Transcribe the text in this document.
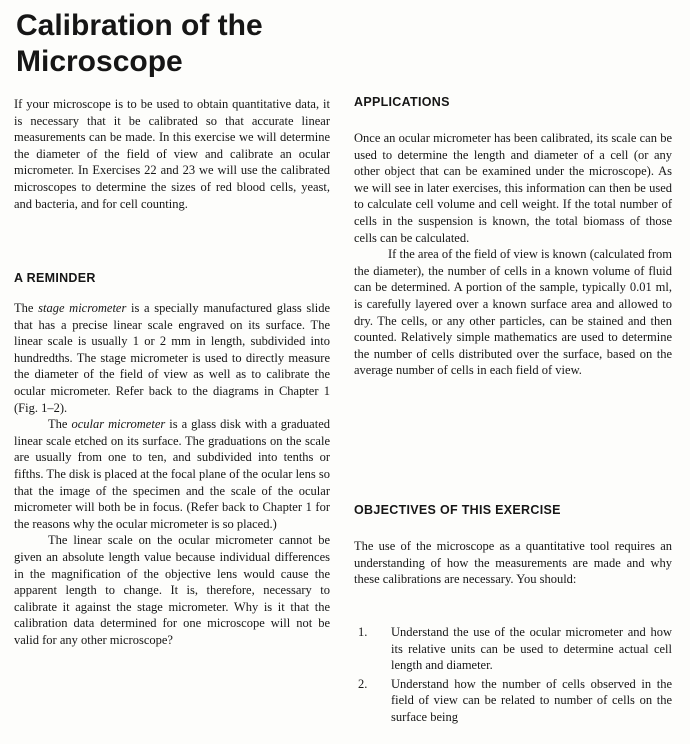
Calibration of the Microscope

If your microscope is to be used to obtain quantitative data, it is necessary that it be calibrated so that accurate linear measurements can be made. In this exercise we will determine the diameter of the field of view and calibrate an ocular micrometer. In Exercises 22 and 23 we will use the calibrated microscopes to determine the sizes of red blood cells, yeast, and bacteria, and for cell counting.

A REMINDER

The stage micrometer is a specially manufactured glass slide that has a precise linear scale engraved on its surface. The linear scale is usually 1 or 2 mm in length, subdivided into hundredths. The stage micrometer is used to directly measure the diameter of the field of view as well as to calibrate the ocular micrometer. Refer back to the diagrams in Chapter 1 (Fig. 1–2).

The ocular micrometer is a glass disk with a graduated linear scale etched on its surface. The graduations on the scale are usually from one to ten, and subdivided into tenths or fifths. The disk is placed at the focal plane of the ocular lens so that the image of the specimen and the scale of the ocular micrometer will both be in focus. (Refer back to Chapter 1 for the reasons why the ocular micrometer is so placed.)

The linear scale on the ocular micrometer cannot be given an absolute length value because individual differences in the magnification of the objective lens would cause the apparent length to change. It is, therefore, necessary to calibrate it against the stage micrometer. Why is it that the calibration data determined for one microscope will not be valid for any other microscope?

APPLICATIONS

Once an ocular micrometer has been calibrated, its scale can be used to determine the length and diameter of a cell (or any other object that can be examined under the microscope). As we will see in later exercises, this information can then be used to calculate cell volume and cell weight. If the total number of cells in the suspension is known, the total biomass of those cells can be calculated.

If the area of the field of view is known (calculated from the diameter), the number of cells in a known volume of fluid can be determined. A portion of the sample, typically 0.01 ml, is carefully layered over a known surface area and allowed to dry. The cells, or any other particles, can be stained and then counted. Relatively simple mathematics are used to determine the number of cells distributed over the surface, based on the average number of cells in each field of view.

OBJECTIVES OF THIS EXERCISE

The use of the microscope as a quantitative tool requires an understanding of how the measurements are made and why these calibrations are necessary. You should:

1. Understand the use of the ocular micrometer and how its relative units can be used to determine actual cell length and diameter.
2. Understand how the number of cells observed in the field of view can be related to number of cells on the surface being
